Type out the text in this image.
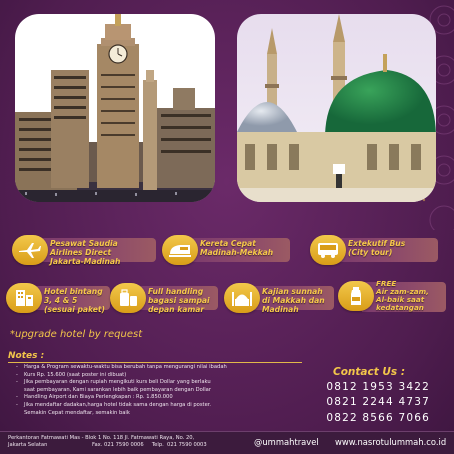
Pesawat Saudia
Airlines Direct
Jakarta-Madinah
Kereta Cepat
Madinah-Mekkah
Extekutif Bus
(City tour)
Hotel bintang
3, 4 & 5
(sesuai paket)
Full handling
bagasi sampai
depan kamar
Kajian sunnah
di Makkah dan
Madinah
FREE
Air zam-zam,
Al-baik saat
kedatangan
*upgrade hotel by request
Notes :
- Harga & Program sewaktu-waktu bisa berubah tanpa mengurangi nilai ibadah
- Kurs Rp. 15.600 (saat poster ini dibuat)
- Jika pembayaran dengan rupiah mengikuti kurs beli Dollar yang berlaku
saat pembayaran, Kami sarankan lebih baik pembayaran dengan Dollar
- Handling Airport dan Biaya Perlengkapan : Rp. 1.850.000
- Jika mendaftar dadakan,harga hotel tidak sama dengan harga di poster.
Semakin Cepat mendaftar, semakin baik
Contact Us :
0812 1953 3422
0821 2244 4737
0822 8566 7066
Perkantoran Fatmawati Mas - Blok 1 No. 118 Jl. Fatmawati Raya, No. 20,
Jakarta Selatan	Fax. 021 7590 0006     Telp.  021 7590 0003	@ummahtravel www.nasrotulummah.co.id
